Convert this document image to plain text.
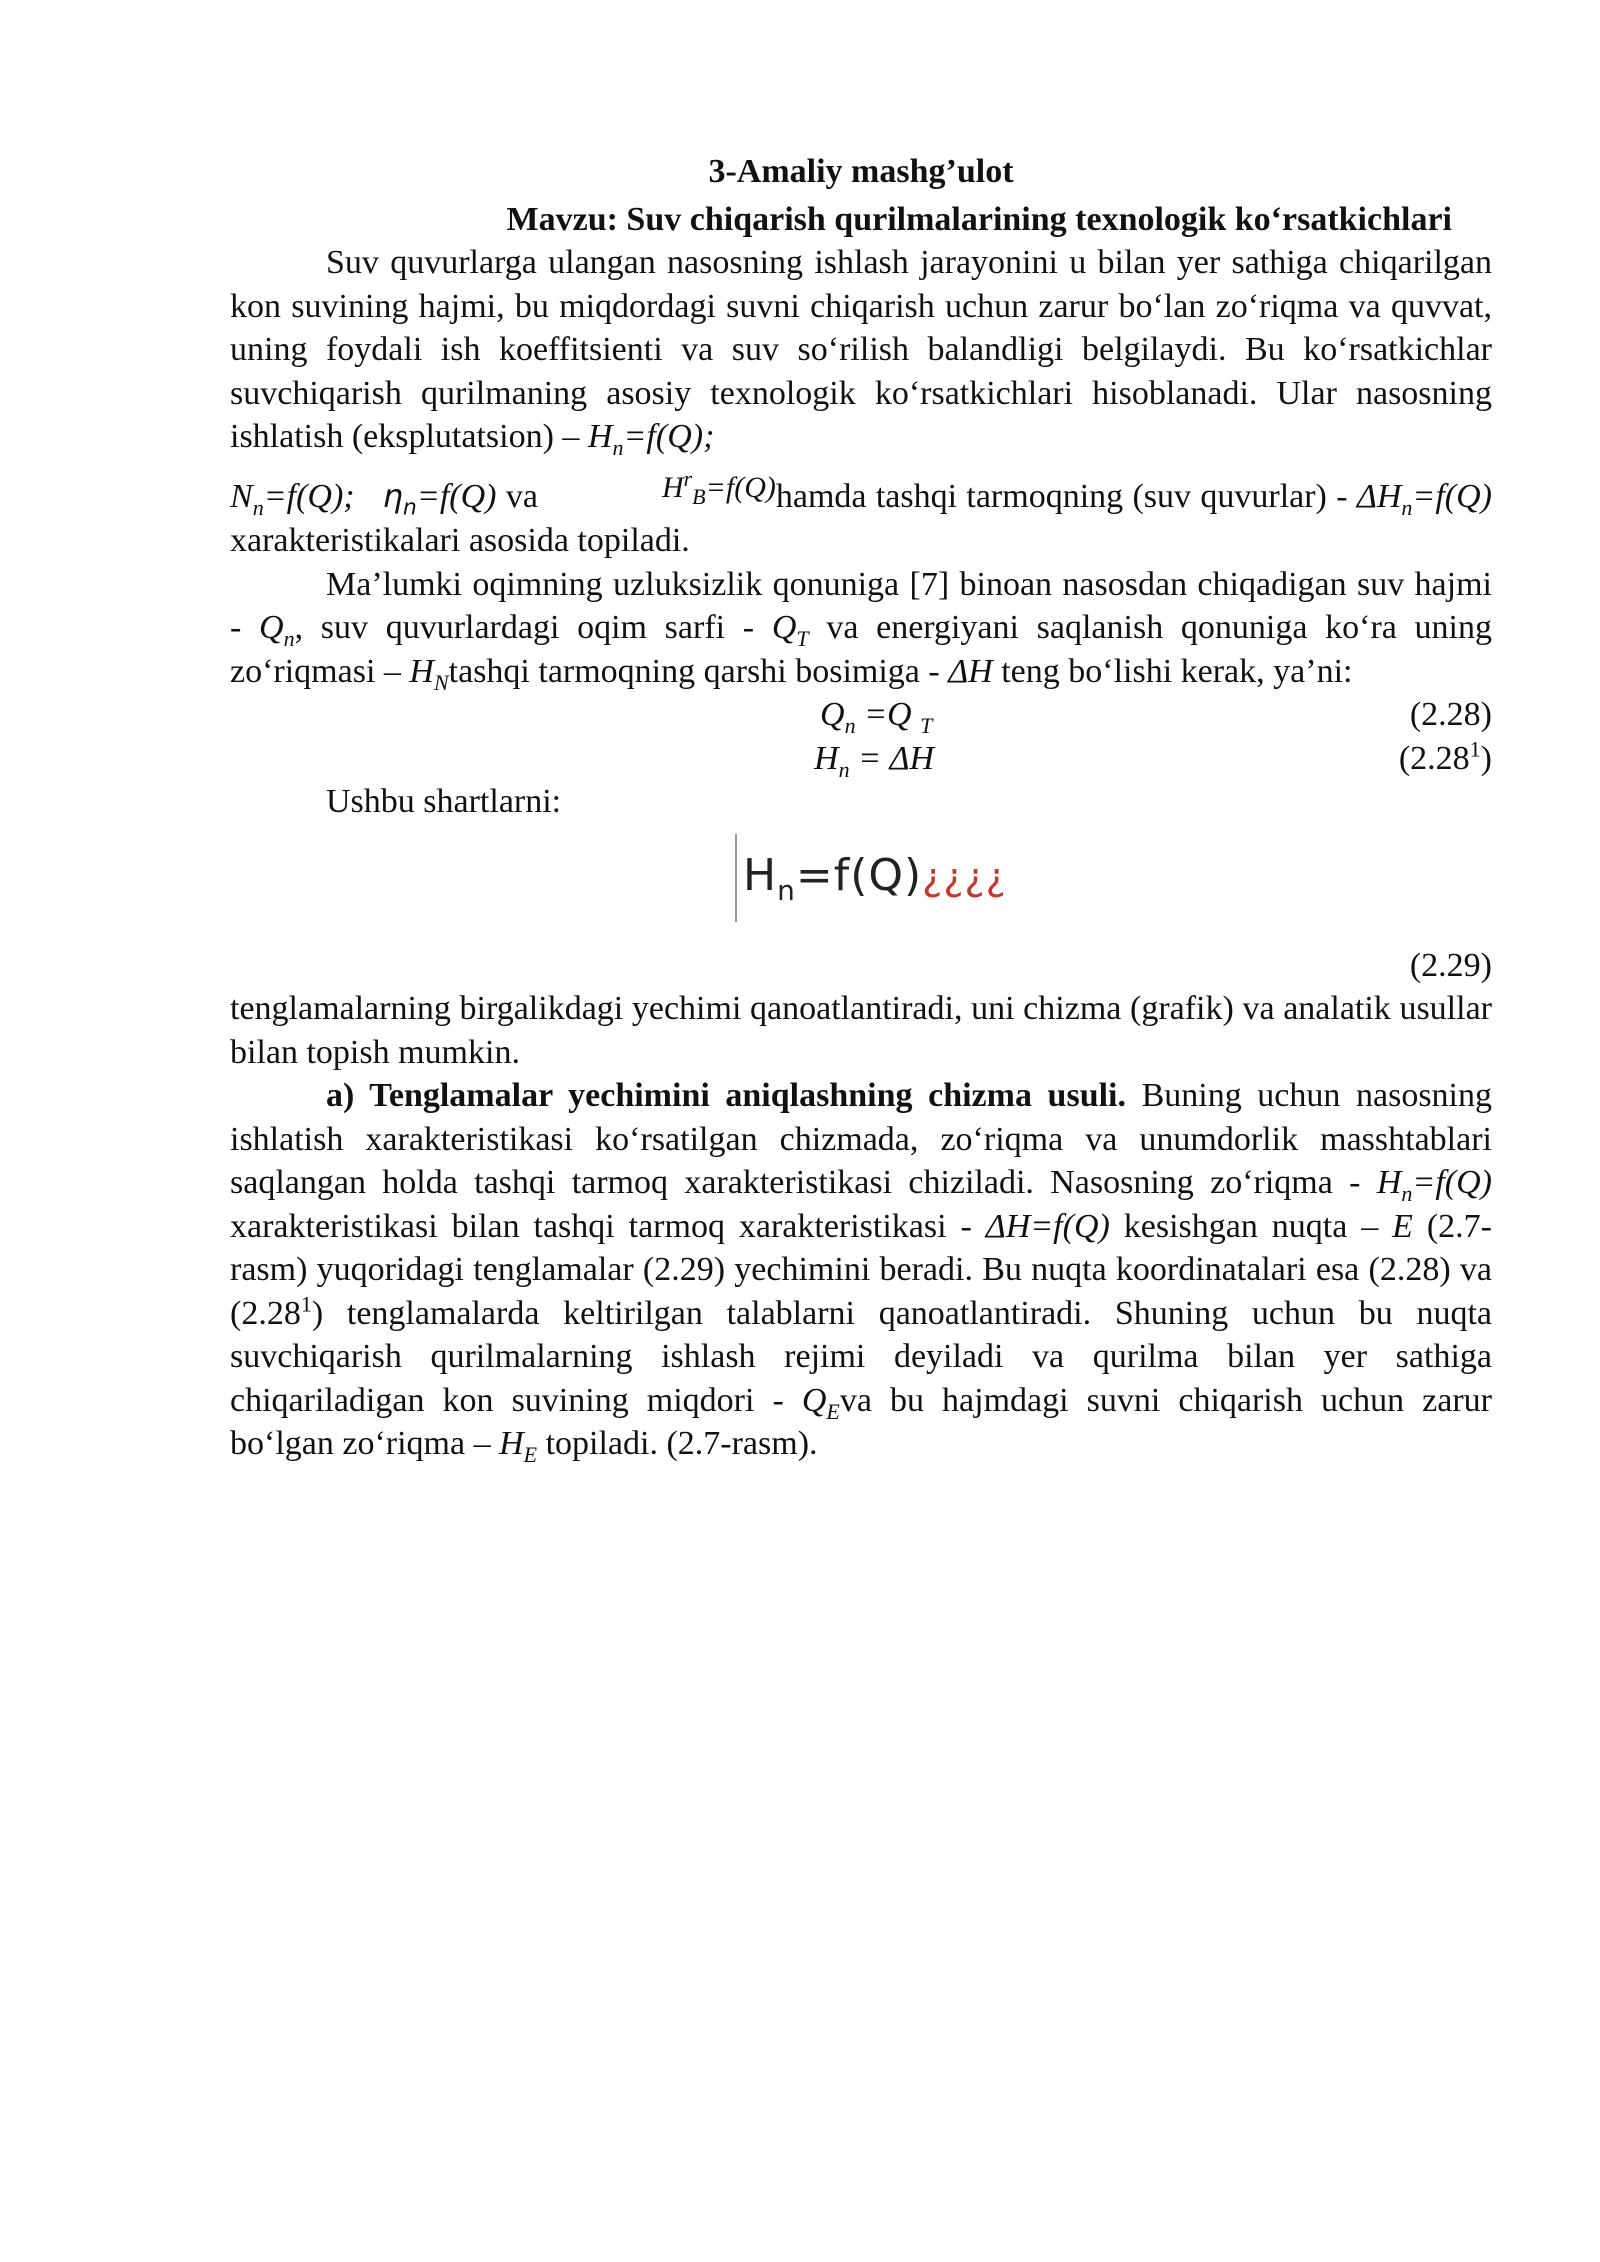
3-Amaliy mashg’ulot
Mavzu: Suv chiqarish qurilmalarining texnologik ko‘rsatkichlari

Suv quvurlarga ulangan nasosning ishlash jarayonini u bilan yer sathiga chiqarilgan kon suvining hajmi, bu miqdordagi suvni chiqarish uchun zarur bo‘lan zo‘riqma va quvvat, uning foydali ish koeffitsienti va suv so‘rilish balandligi belgilaydi. Bu ko‘rsatkichlar suvchiqarish qurilmaning asosiy texnologik ko‘rsatkichlari hisoblanadi. Ular nasosning ishlatish (eksplutatsion) – $H_n=f(Q)$;
$N_n=f(Q)$; $\eta_n=f(Q)$ va	$H^r_B=f(Q)hamda$ tashqi tarmoqning (suv quvurlar) - $\Delta H_n=f(Q)$ xarakteristikalari asosida topiladi.

Ma’lumki oqimning uzluksizlik qonuniga [7] binoan nasosdan chiqadigan suv hajmi - $Q_n$, suv quvurlardagi oqim sarfi - $Q_T$ va energiyani saqlanish qonuniga ko‘ra uning zo‘riqmasi – $H_Ntashqi$ tarmoqning qarshi bosimiga - ΔH teng bo‘lishi kerak, ya’ni:

$Q_n =Q$ $_T$	(2.28)
$H_n = \Delta H$	(2.28$^1$)

Ushbu shartlarni:

$H_n=f(Q)¿¿¿¿$
(2.29)

tenglamalarning birgalikdagi yechimi qanoatlantiradi, uni chizma (grafik) va analatik usullar bilan topish mumkin.

a) Tenglamalar yechimini aniqlashning chizma usuli. Buning uchun nasosning ishlatish xarakteristikasi ko‘rsatilgan chizmada, zo‘riqma va unumdorlik masshtablari saqlangan holda tashqi tarmoq xarakteristikasi chiziladi. Nasosning zo‘riqma - $H_n=f(Q)$ xarakteristikasi bilan tashqi tarmoq xarakteristikasi - ΔH=f(Q) kesishgan nuqta – E (2.7-rasm) yuqoridagi tenglamalar (2.29) yechimini beradi. Bu nuqta koordinatalari esa (2.28) va (2.28$^1$) tenglamalarda keltirilgan talablarni qanoatlantiradi. Shuning uchun bu nuqta suvchiqarish qurilmalarning ishlash rejimi deyiladi va qurilma bilan yer sathiga chiqariladigan kon suvining miqdori - $Q_Eva$ bu hajmdagi suvni chiqarish uchun zarur bo‘lgan zo‘riqma – $H_E$ topiladi. (2.7-rasm).
